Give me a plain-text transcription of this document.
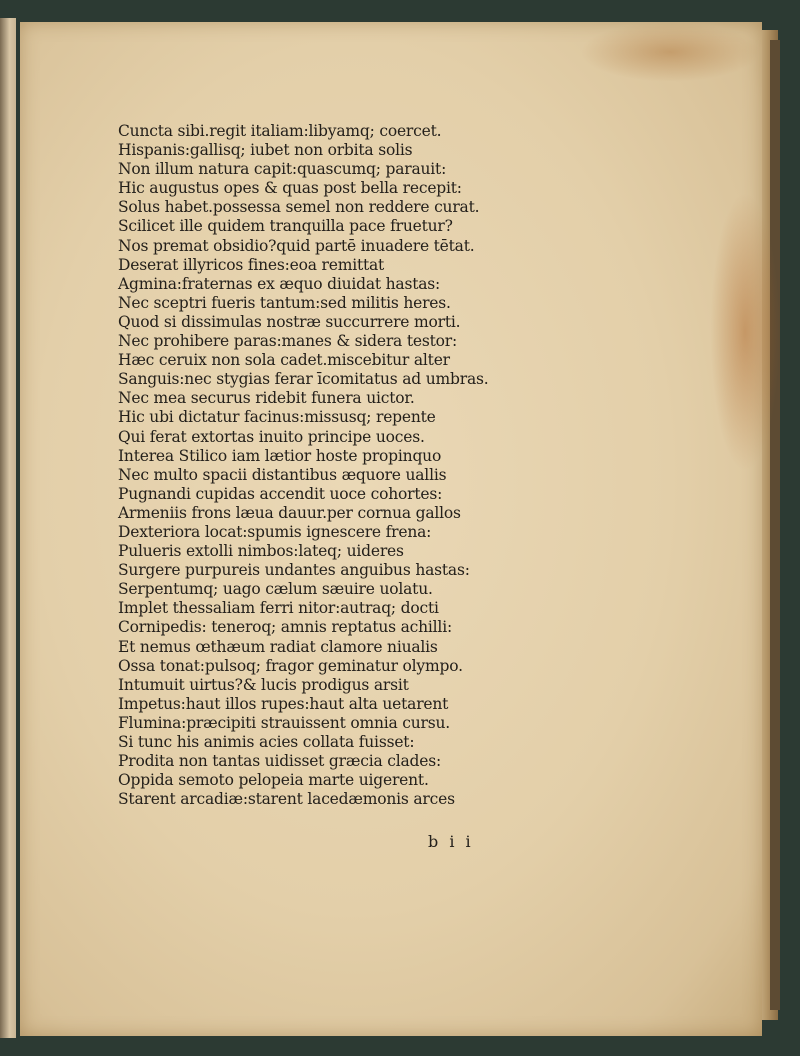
Cuncta sibi.regit italiam:libyamq; coercet.
Hispanis:gallisq; iubet non orbita solis
Non illum natura capit:quascumq; parauit:
Hic augustus opes & quas post bella recepit:
Solus habet.possessa semel non reddere curat.
Scilicet ille quidem tranquilla pace fruetur?
Nos premat obsidio?quid partē inuadere tētat.
Deserat illyricos fines:eoa remittat
Agmina:fraternas ex æquo diuidat hastas:
Nec sceptri fueris tantum:sed militis heres.
Quod si dissimulas nostræ succurrere morti.
Nec prohibere paras:manes & sidera testor:
Hæc ceruix non sola cadet.miscebitur alter
Sanguis:nec stygias ferar īcomitatus ad umbras.
Nec mea securus ridebit funera uictor.
Hic ubi dictatur facinus:missusq; repente
Qui ferat extortas inuito principe uoces.
Interea Stilico iam lætior hoste propinquo
Nec multo spacii distantibus æquore uallis
Pugnandi cupidas accendit uoce cohortes:
Armeniis frons læua dauur.per cornua gallos
Dexteriora locat:spumis ignescere frena:
Pulueris extolli nimbos:lateq; uideres
Surgere purpureis undantes anguibus hastas:
Serpentumq; uago cælum sæuire uolatu.
Implet thessaliam ferri nitor:autraq; docti
Cornipedis: teneroq; amnis reptatus achilli:
Et nemus œthæum radiat clamore niualis
Ossa tonat:pulsoq; fragor geminatur olympo.
Intumuit uirtus?& lucis prodigus arsit
Impetus:haut illos rupes:haut alta uetarent
Flumina:præcipiti strauissent omnia cursu.
Si tunc his animis acies collata fuisset:
Prodita non tantas uidisset græcia clades:
Oppida semoto pelopeia marte uigerent.
Starent arcadiæ:starent lacedæmonis arces
b i i
